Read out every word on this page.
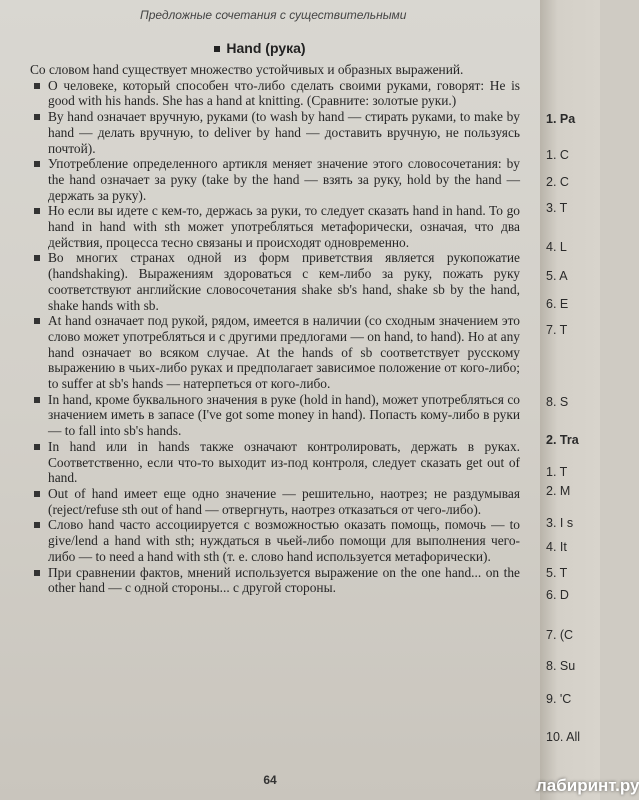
Предложные сочетания с существительными
Hand (рука)

Со словом hand существует множество устойчивых и образных выражений.

О человеке, который способен что-либо сделать своими руками, говорят: He is good with his hands. She has a hand at knitting. (Сравните: золотые руки.)
By hand означает вручную, руками (to wash by hand — стирать руками, to make by hand — делать вручную, to deliver by hand — доставить вручную, не пользуясь почтой).
Употребление определенного артикля меняет значение этого словосочетания: by the hand означает за руку (take by the hand — взять за руку, hold by the hand — держать за руку).
Но если вы идете с кем-то, держась за руки, то следует сказать hand in hand. To go hand in hand with sth может употребляться метафорически, означая, что два действия, процесса тесно связаны и происходят одновременно.
Во многих странах одной из форм приветствия является рукопожатие (handshaking). Выражениям здороваться с кем-либо за руку, пожать руку соответствуют английские словосочетания shake sb's hand, shake sb by the hand, shake hands with sb.
At hand означает под рукой, рядом, имеется в наличии (со сходным значением это слово может употребляться и с другими предлогами — on hand, to hand). Но at any hand означает во всяком случае. At the hands of sb соответствует русскому выражению в чьих-либо руках и предполагает зависимое положение от кого-либо; to suffer at sb's hands — натерпеться от кого-либо.
In hand, кроме буквального значения в руке (hold in hand), может употребляться со значением иметь в запасе (I've got some money in hand). Попасть кому-либо в руки — to fall into sb's hands.
In hand или in hands также означают контролировать, держать в руках. Соответственно, если что-то выходит из-под контроля, следует сказать get out of hand.
Out of hand имеет еще одно значение — решительно, наотрез; не раздумывая (reject/refuse sth out of hand — отвергнуть, наотрез отказаться от чего-либо).
Слово hand часто ассоциируется с возможностью оказать помощь, помочь — to give/lend a hand with sth; нуждаться в чьей-либо помощи для выполнения чего-либо — to need a hand with sth (т. е. слово hand используется метафорически).
При сравнении фактов, мнений используется выражение on the one hand... on the other hand — с одной стороны... с другой стороны.
64
1. Pa
1. C
2. C
3. T
4. L
5. A
6. E
7. T
8. S
2. Tra
1. T
2. M
3. I s
4. It
5. T
6. D
7. (C
8. Su
9. 'C
10. All
лабиринт.ру
